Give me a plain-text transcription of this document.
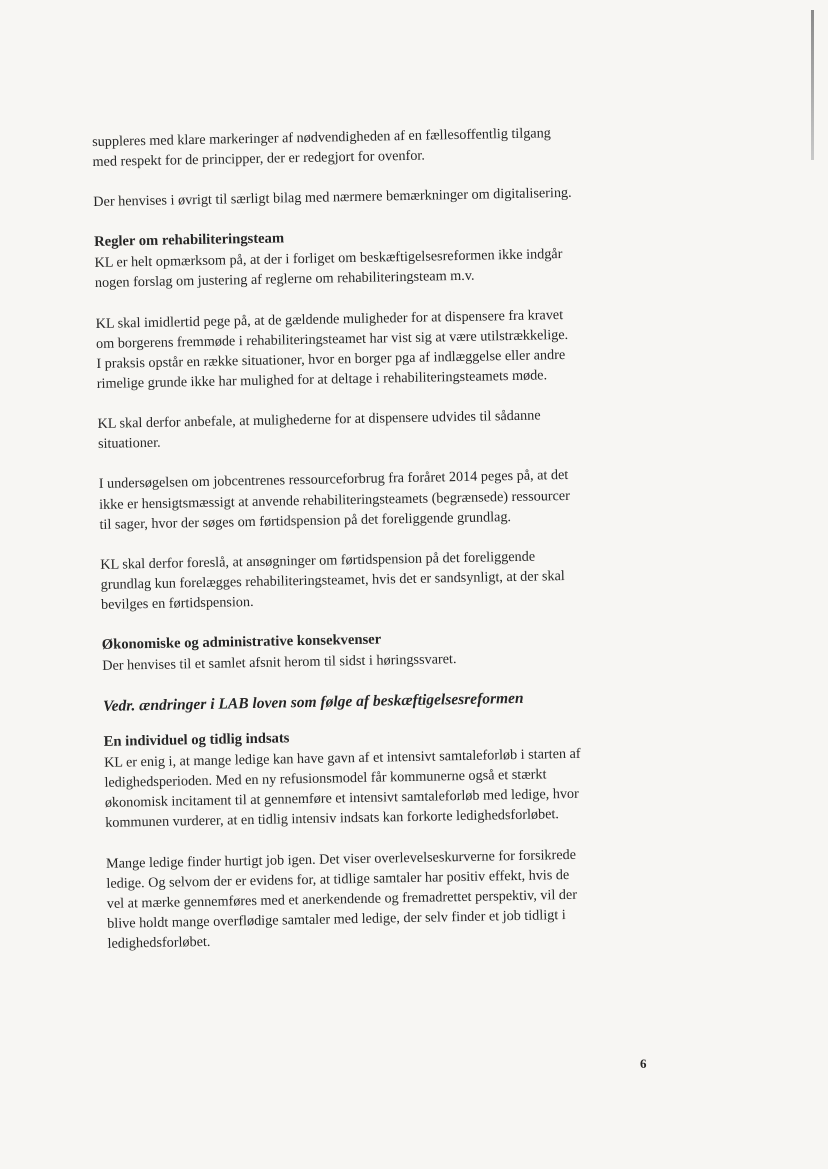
suppleres med klare markeringer af nødvendigheden af en fællesoffentlig tilgang med respekt for de principper, der er redegjort for ovenfor.

Der henvises i øvrigt til særligt bilag med nærmere bemærkninger om digitalisering.

Regler om rehabiliteringsteam

KL er helt opmærksom på, at der i forliget om beskæftigelsesreformen ikke indgår nogen forslag om justering af reglerne om rehabiliteringsteam m.v.

KL skal imidlertid pege på, at de gældende muligheder for at dispensere fra kravet om borgerens fremmøde i rehabiliteringsteamet har vist sig at være utilstrækkelige. I praksis opstår en række situationer, hvor en borger pga af indlæggelse eller andre rimelige grunde ikke har mulighed for at deltage i rehabiliteringsteamets møde.

KL skal derfor anbefale, at mulighederne for at dispensere udvides til sådanne situationer.

I undersøgelsen om jobcentrenes ressourceforbrug fra foråret 2014 peges på, at det ikke er hensigtsmæssigt at anvende rehabiliteringsteamets (begrænsede) ressourcer til sager, hvor der søges om førtidspension på det foreliggende grundlag.

KL skal derfor foreslå, at ansøgninger om førtidspension på det foreliggende grundlag kun forelægges rehabiliteringsteamet, hvis det er sandsynligt, at der skal bevilges en førtidspension.

Økonomiske og administrative konsekvenser

Der henvises til et samlet afsnit herom til sidst i høringssvaret.

Vedr. ændringer i LAB loven som følge af beskæftigelsesreformen
En individuel og tidlig indsats

KL er enig i, at mange ledige kan have gavn af et intensivt samtaleforløb i starten af ledighedsperioden. Med en ny refusionsmodel får kommunerne også et stærkt økonomisk incitament til at gennemføre et intensivt samtaleforløb med ledige, hvor kommunen vurderer, at en tidlig intensiv indsats kan forkorte ledighedsforløbet.

Mange ledige finder hurtigt job igen. Det viser overlevelseskurverne for forsikrede ledige. Og selvom der er evidens for, at tidlige samtaler har positiv effekt, hvis de vel at mærke gennemføres med et anerkendende og fremadrettet perspektiv, vil der blive holdt mange overflødige samtaler med ledige, der selv finder et job tidligt i ledighedsforløbet.

6
